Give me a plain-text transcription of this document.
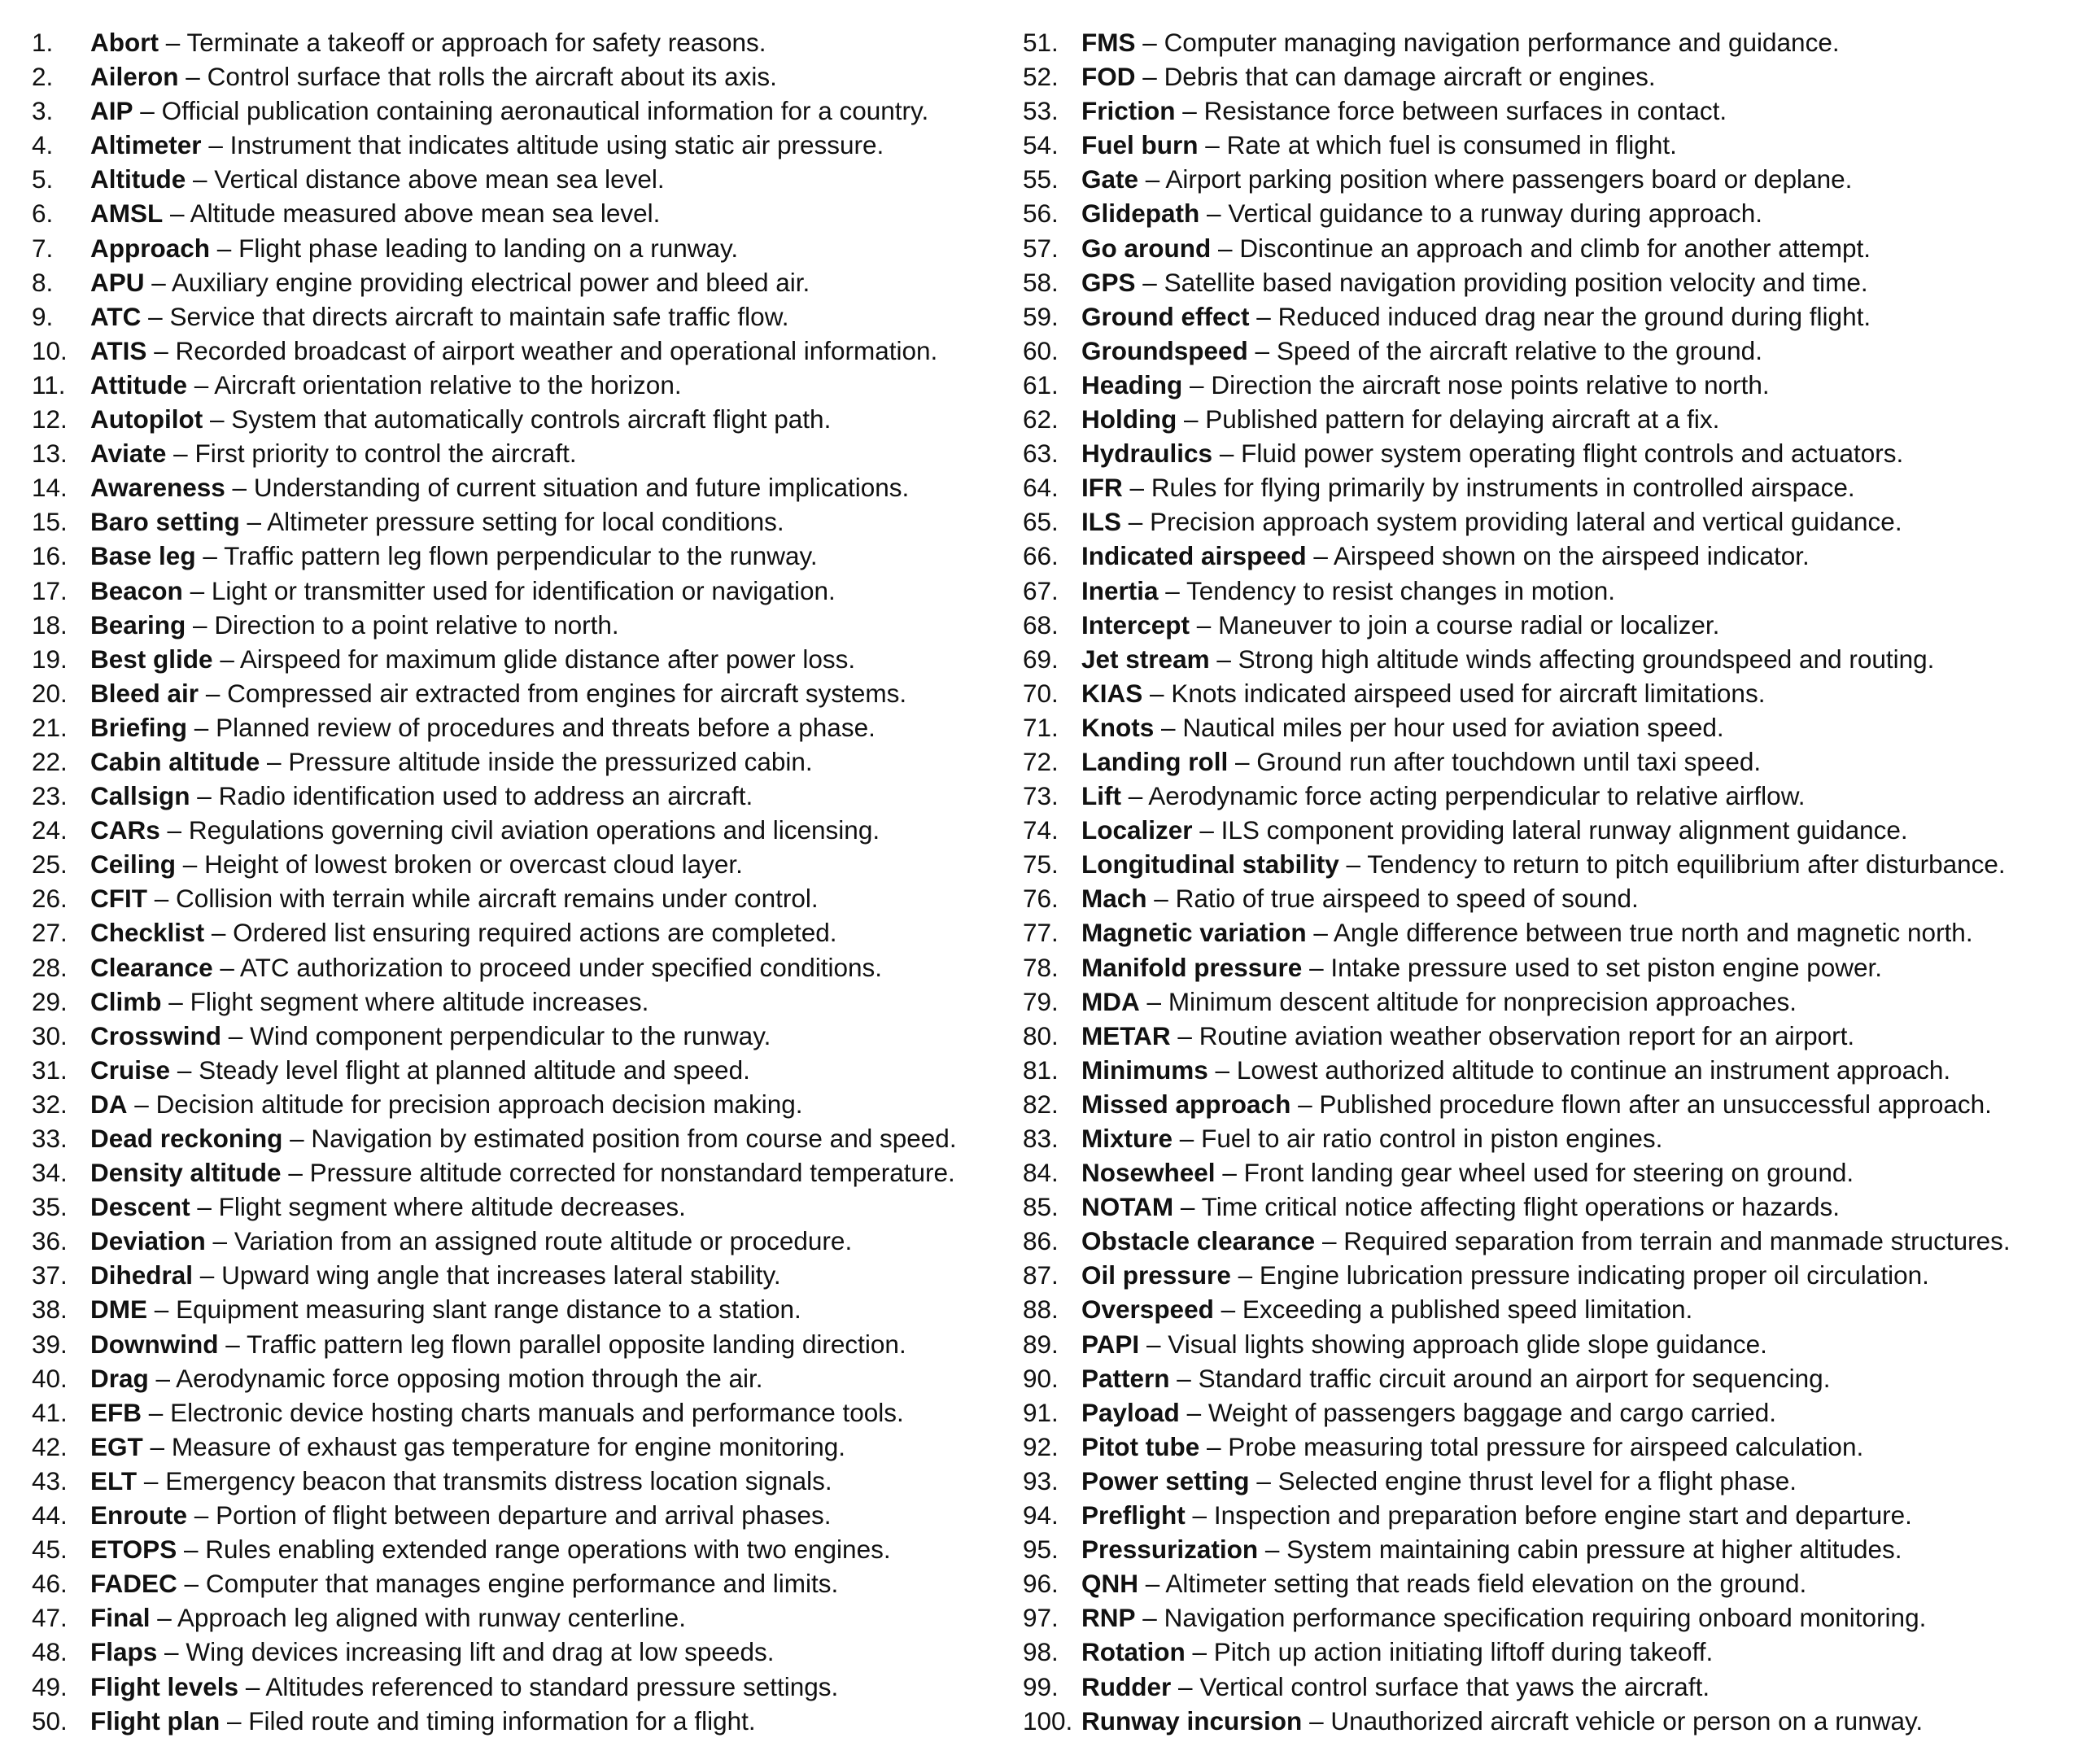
1. Abort – Terminate a takeoff or approach for safety reasons.
2. Aileron – Control surface that rolls the aircraft about its axis.
3. AIP – Official publication containing aeronautical information for a country.
4. Altimeter – Instrument that indicates altitude using static air pressure.
5. Altitude – Vertical distance above mean sea level.
6. AMSL – Altitude measured above mean sea level.
7. Approach – Flight phase leading to landing on a runway.
8. APU – Auxiliary engine providing electrical power and bleed air.
9. ATC – Service that directs aircraft to maintain safe traffic flow.
10. ATIS – Recorded broadcast of airport weather and operational information.
11. Attitude – Aircraft orientation relative to the horizon.
12. Autopilot – System that automatically controls aircraft flight path.
13. Aviate – First priority to control the aircraft.
14. Awareness – Understanding of current situation and future implications.
15. Baro setting – Altimeter pressure setting for local conditions.
16. Base leg – Traffic pattern leg flown perpendicular to the runway.
17. Beacon – Light or transmitter used for identification or navigation.
18. Bearing – Direction to a point relative to north.
19. Best glide – Airspeed for maximum glide distance after power loss.
20. Bleed air – Compressed air extracted from engines for aircraft systems.
21. Briefing – Planned review of procedures and threats before a phase.
22. Cabin altitude – Pressure altitude inside the pressurized cabin.
23. Callsign – Radio identification used to address an aircraft.
24. CARs – Regulations governing civil aviation operations and licensing.
25. Ceiling – Height of lowest broken or overcast cloud layer.
26. CFIT – Collision with terrain while aircraft remains under control.
27. Checklist – Ordered list ensuring required actions are completed.
28. Clearance – ATC authorization to proceed under specified conditions.
29. Climb – Flight segment where altitude increases.
30. Crosswind – Wind component perpendicular to the runway.
31. Cruise – Steady level flight at planned altitude and speed.
32. DA – Decision altitude for precision approach decision making.
33. Dead reckoning – Navigation by estimated position from course and speed.
34. Density altitude – Pressure altitude corrected for nonstandard temperature.
35. Descent – Flight segment where altitude decreases.
36. Deviation – Variation from an assigned route altitude or procedure.
37. Dihedral – Upward wing angle that increases lateral stability.
38. DME – Equipment measuring slant range distance to a station.
39. Downwind – Traffic pattern leg flown parallel opposite landing direction.
40. Drag – Aerodynamic force opposing motion through the air.
41. EFB – Electronic device hosting charts manuals and performance tools.
42. EGT – Measure of exhaust gas temperature for engine monitoring.
43. ELT – Emergency beacon that transmits distress location signals.
44. Enroute – Portion of flight between departure and arrival phases.
45. ETOPS – Rules enabling extended range operations with two engines.
46. FADEC – Computer that manages engine performance and limits.
47. Final – Approach leg aligned with runway centerline.
48. Flaps – Wing devices increasing lift and drag at low speeds.
49. Flight levels – Altitudes referenced to standard pressure settings.
50. Flight plan – Filed route and timing information for a flight.
51. FMS – Computer managing navigation performance and guidance.
52. FOD – Debris that can damage aircraft or engines.
53. Friction – Resistance force between surfaces in contact.
54. Fuel burn – Rate at which fuel is consumed in flight.
55. Gate – Airport parking position where passengers board or deplane.
56. Glidepath – Vertical guidance to a runway during approach.
57. Go around – Discontinue an approach and climb for another attempt.
58. GPS – Satellite based navigation providing position velocity and time.
59. Ground effect – Reduced induced drag near the ground during flight.
60. Groundspeed – Speed of the aircraft relative to the ground.
61. Heading – Direction the aircraft nose points relative to north.
62. Holding – Published pattern for delaying aircraft at a fix.
63. Hydraulics – Fluid power system operating flight controls and actuators.
64. IFR – Rules for flying primarily by instruments in controlled airspace.
65. ILS – Precision approach system providing lateral and vertical guidance.
66. Indicated airspeed – Airspeed shown on the airspeed indicator.
67. Inertia – Tendency to resist changes in motion.
68. Intercept – Maneuver to join a course radial or localizer.
69. Jet stream – Strong high altitude winds affecting groundspeed and routing.
70. KIAS – Knots indicated airspeed used for aircraft limitations.
71. Knots – Nautical miles per hour used for aviation speed.
72. Landing roll – Ground run after touchdown until taxi speed.
73. Lift – Aerodynamic force acting perpendicular to relative airflow.
74. Localizer – ILS component providing lateral runway alignment guidance.
75. Longitudinal stability – Tendency to return to pitch equilibrium after disturbance.
76. Mach – Ratio of true airspeed to speed of sound.
77. Magnetic variation – Angle difference between true north and magnetic north.
78. Manifold pressure – Intake pressure used to set piston engine power.
79. MDA – Minimum descent altitude for nonprecision approaches.
80. METAR – Routine aviation weather observation report for an airport.
81. Minimums – Lowest authorized altitude to continue an instrument approach.
82. Missed approach – Published procedure flown after an unsuccessful approach.
83. Mixture – Fuel to air ratio control in piston engines.
84. Nosewheel – Front landing gear wheel used for steering on ground.
85. NOTAM – Time critical notice affecting flight operations or hazards.
86. Obstacle clearance – Required separation from terrain and manmade structures.
87. Oil pressure – Engine lubrication pressure indicating proper oil circulation.
88. Overspeed – Exceeding a published speed limitation.
89. PAPI – Visual lights showing approach glide slope guidance.
90. Pattern – Standard traffic circuit around an airport for sequencing.
91. Payload – Weight of passengers baggage and cargo carried.
92. Pitot tube – Probe measuring total pressure for airspeed calculation.
93. Power setting – Selected engine thrust level for a flight phase.
94. Preflight – Inspection and preparation before engine start and departure.
95. Pressurization – System maintaining cabin pressure at higher altitudes.
96. QNH – Altimeter setting that reads field elevation on the ground.
97. RNP – Navigation performance specification requiring onboard monitoring.
98. Rotation – Pitch up action initiating liftoff during takeoff.
99. Rudder – Vertical control surface that yaws the aircraft.
100. Runway incursion – Unauthorized aircraft vehicle or person on a runway.
